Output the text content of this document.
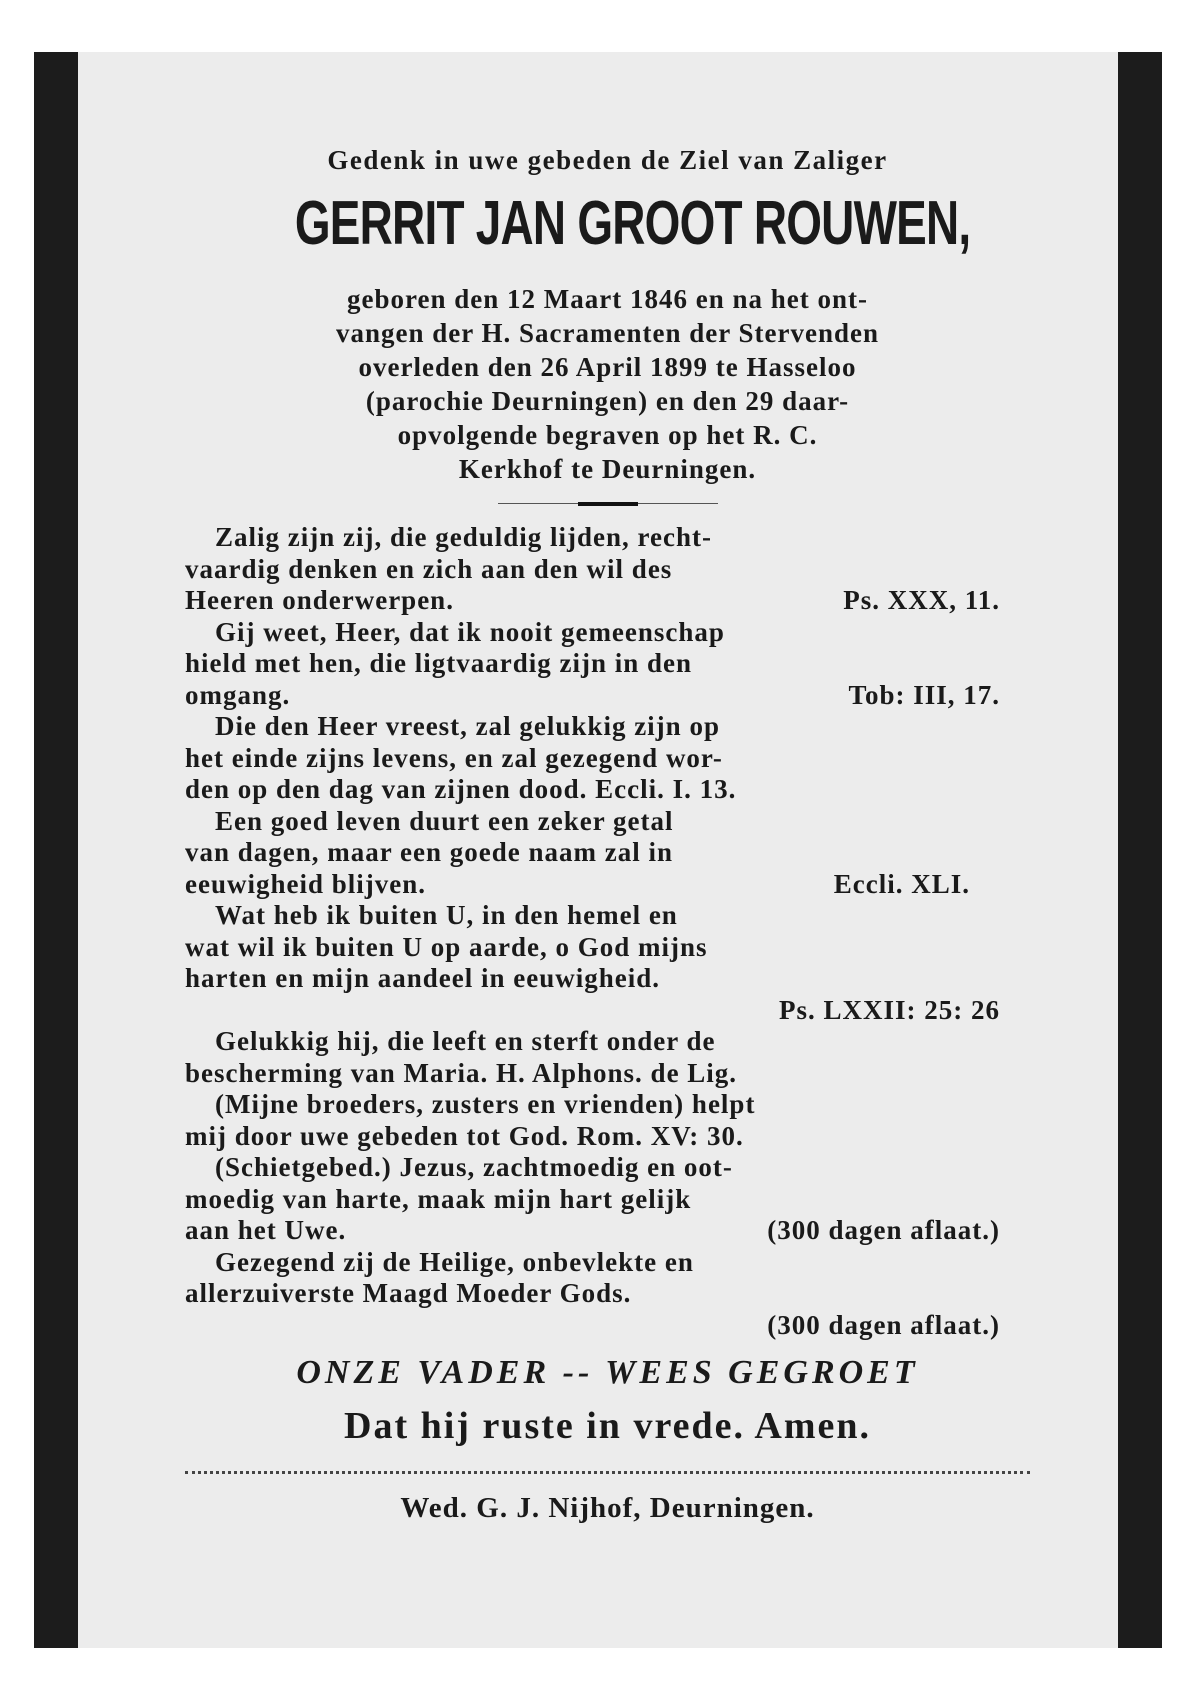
Gedenk in uwe gebeden de Ziel van Zaliger

GERRIT JAN GROOT ROUWEN,
geboren den 12 Maart 1846 en na het ont-
vangen der H. Sacramenten der Stervenden
overleden den 26 April 1899 te Hasseloo
(parochie Deurningen) en den 29 daar-
opvolgende begraven op het R. C.
Kerkhof te Deurningen.
Zalig zijn zij, die geduldig lijden, recht-
vaardig denken en zich aan den wil des
Heeren onderwerpen.	Ps. XXX, 11.
Gij weet, Heer, dat ik nooit gemeenschap
hield met hen, die ligtvaardig zijn in den
omgang.	Tob: III, 17.
Die den Heer vreest, zal gelukkig zijn op
het einde zijns levens, en zal gezegend wor-
den op den dag van zijnen dood. Eccli. I. 13.
Een goed leven duurt een zeker getal
van dagen, maar een goede naam zal in
eeuwigheid blijven.	Eccli. XLI.
Wat heb ik buiten U, in den hemel en
wat wil ik buiten U op aarde, o God mijns
harten en mijn aandeel in eeuwigheid.
Ps. LXXII: 25: 26
Gelukkig hij, die leeft en sterft onder de
bescherming van Maria. H. Alphons. de Lig.
(Mijne broeders, zusters en vrienden) helpt
mij door uwe gebeden tot God. Rom. XV: 30.
(Schietgebed.) Jezus, zachtmoedig en oot-
moedig van harte, maak mijn hart gelijk
aan het Uwe.	(300 dagen aflaat.)
Gezegend zij de Heilige, onbevlekte en
allerzuiverste Maagd Moeder Gods.
(300 dagen aflaat.)

ONZE VADER -- WEES GEGROET

Dat hij ruste in vrede. Amen.

Wed. G. J. Nijhof, Deurningen.
